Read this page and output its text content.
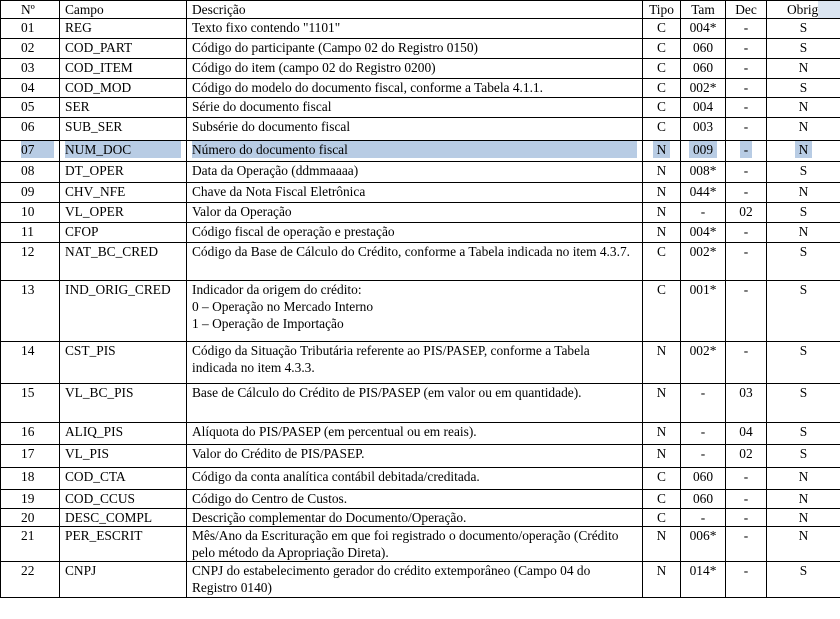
Nº	Campo	Descrição	Tipo	Tam	Dec	Obrig

01	REG	Texto fixo contendo "1101"	C	004*	-	S
02	COD_PART	Código do participante (Campo 02 do Registro 0150)	C	060	-	S
03	COD_ITEM	Código do item (campo 02 do Registro 0200)	C	060	-	N
04	COD_MOD	Código do modelo do documento fiscal, conforme a Tabela 4.1.1.	C	002*	-	S
05	SER	Série do documento fiscal	C	004	-	N
06	SUB_SER	Subsérie do documento fiscal	C	003	-	N
07	NUM_DOC	Número do documento fiscal	N	009	-	N
08	DT_OPER	Data da Operação (ddmmaaaa)	N	008*	-	S
09	CHV_NFE	Chave da Nota Fiscal Eletrônica	N	044*	-	N
10	VL_OPER	Valor da Operação	N	-	02	S
11	CFOP	Código fiscal de operação e prestação	N	004*	-	N
12	NAT_BC_CRED	Código da Base de Cálculo do Crédito, conforme a Tabela indicada no item 4.3.7.	C	002*	-	S
13	IND_ORIG_CRED	Indicador da origem do crédito:
0 – Operação no Mercado Interno
1 – Operação de Importação	C	001*	-	S
14	CST_PIS	Código da Situação Tributária referente ao PIS/PASEP, conforme a Tabela indicada no item 4.3.3.	N	002*	-	S
15	VL_BC_PIS	Base de Cálculo do Crédito de PIS/PASEP (em valor ou em quantidade).	N	-	03	S
16	ALIQ_PIS	Alíquota do PIS/PASEP (em percentual ou em reais).	N	-	04	S
17	VL_PIS	Valor do Crédito de PIS/PASEP.	N	-	02	S
18	COD_CTA	Código da conta analítica contábil debitada/creditada.	C	060	-	N
19	COD_CCUS	Código do Centro de Custos.	C	060	-	N
20	DESC_COMPL	Descrição complementar do Documento/Operação.	C	-	-	N
21	PER_ESCRIT	Mês/Ano da Escrituração em que foi registrado o documento/operação (Crédito pelo método da Apropriação Direta).	N	006*	-	N
22	CNPJ	CNPJ do estabelecimento gerador do crédito extemporâneo (Campo 04 do Registro 0140)	N	014*	-	S
